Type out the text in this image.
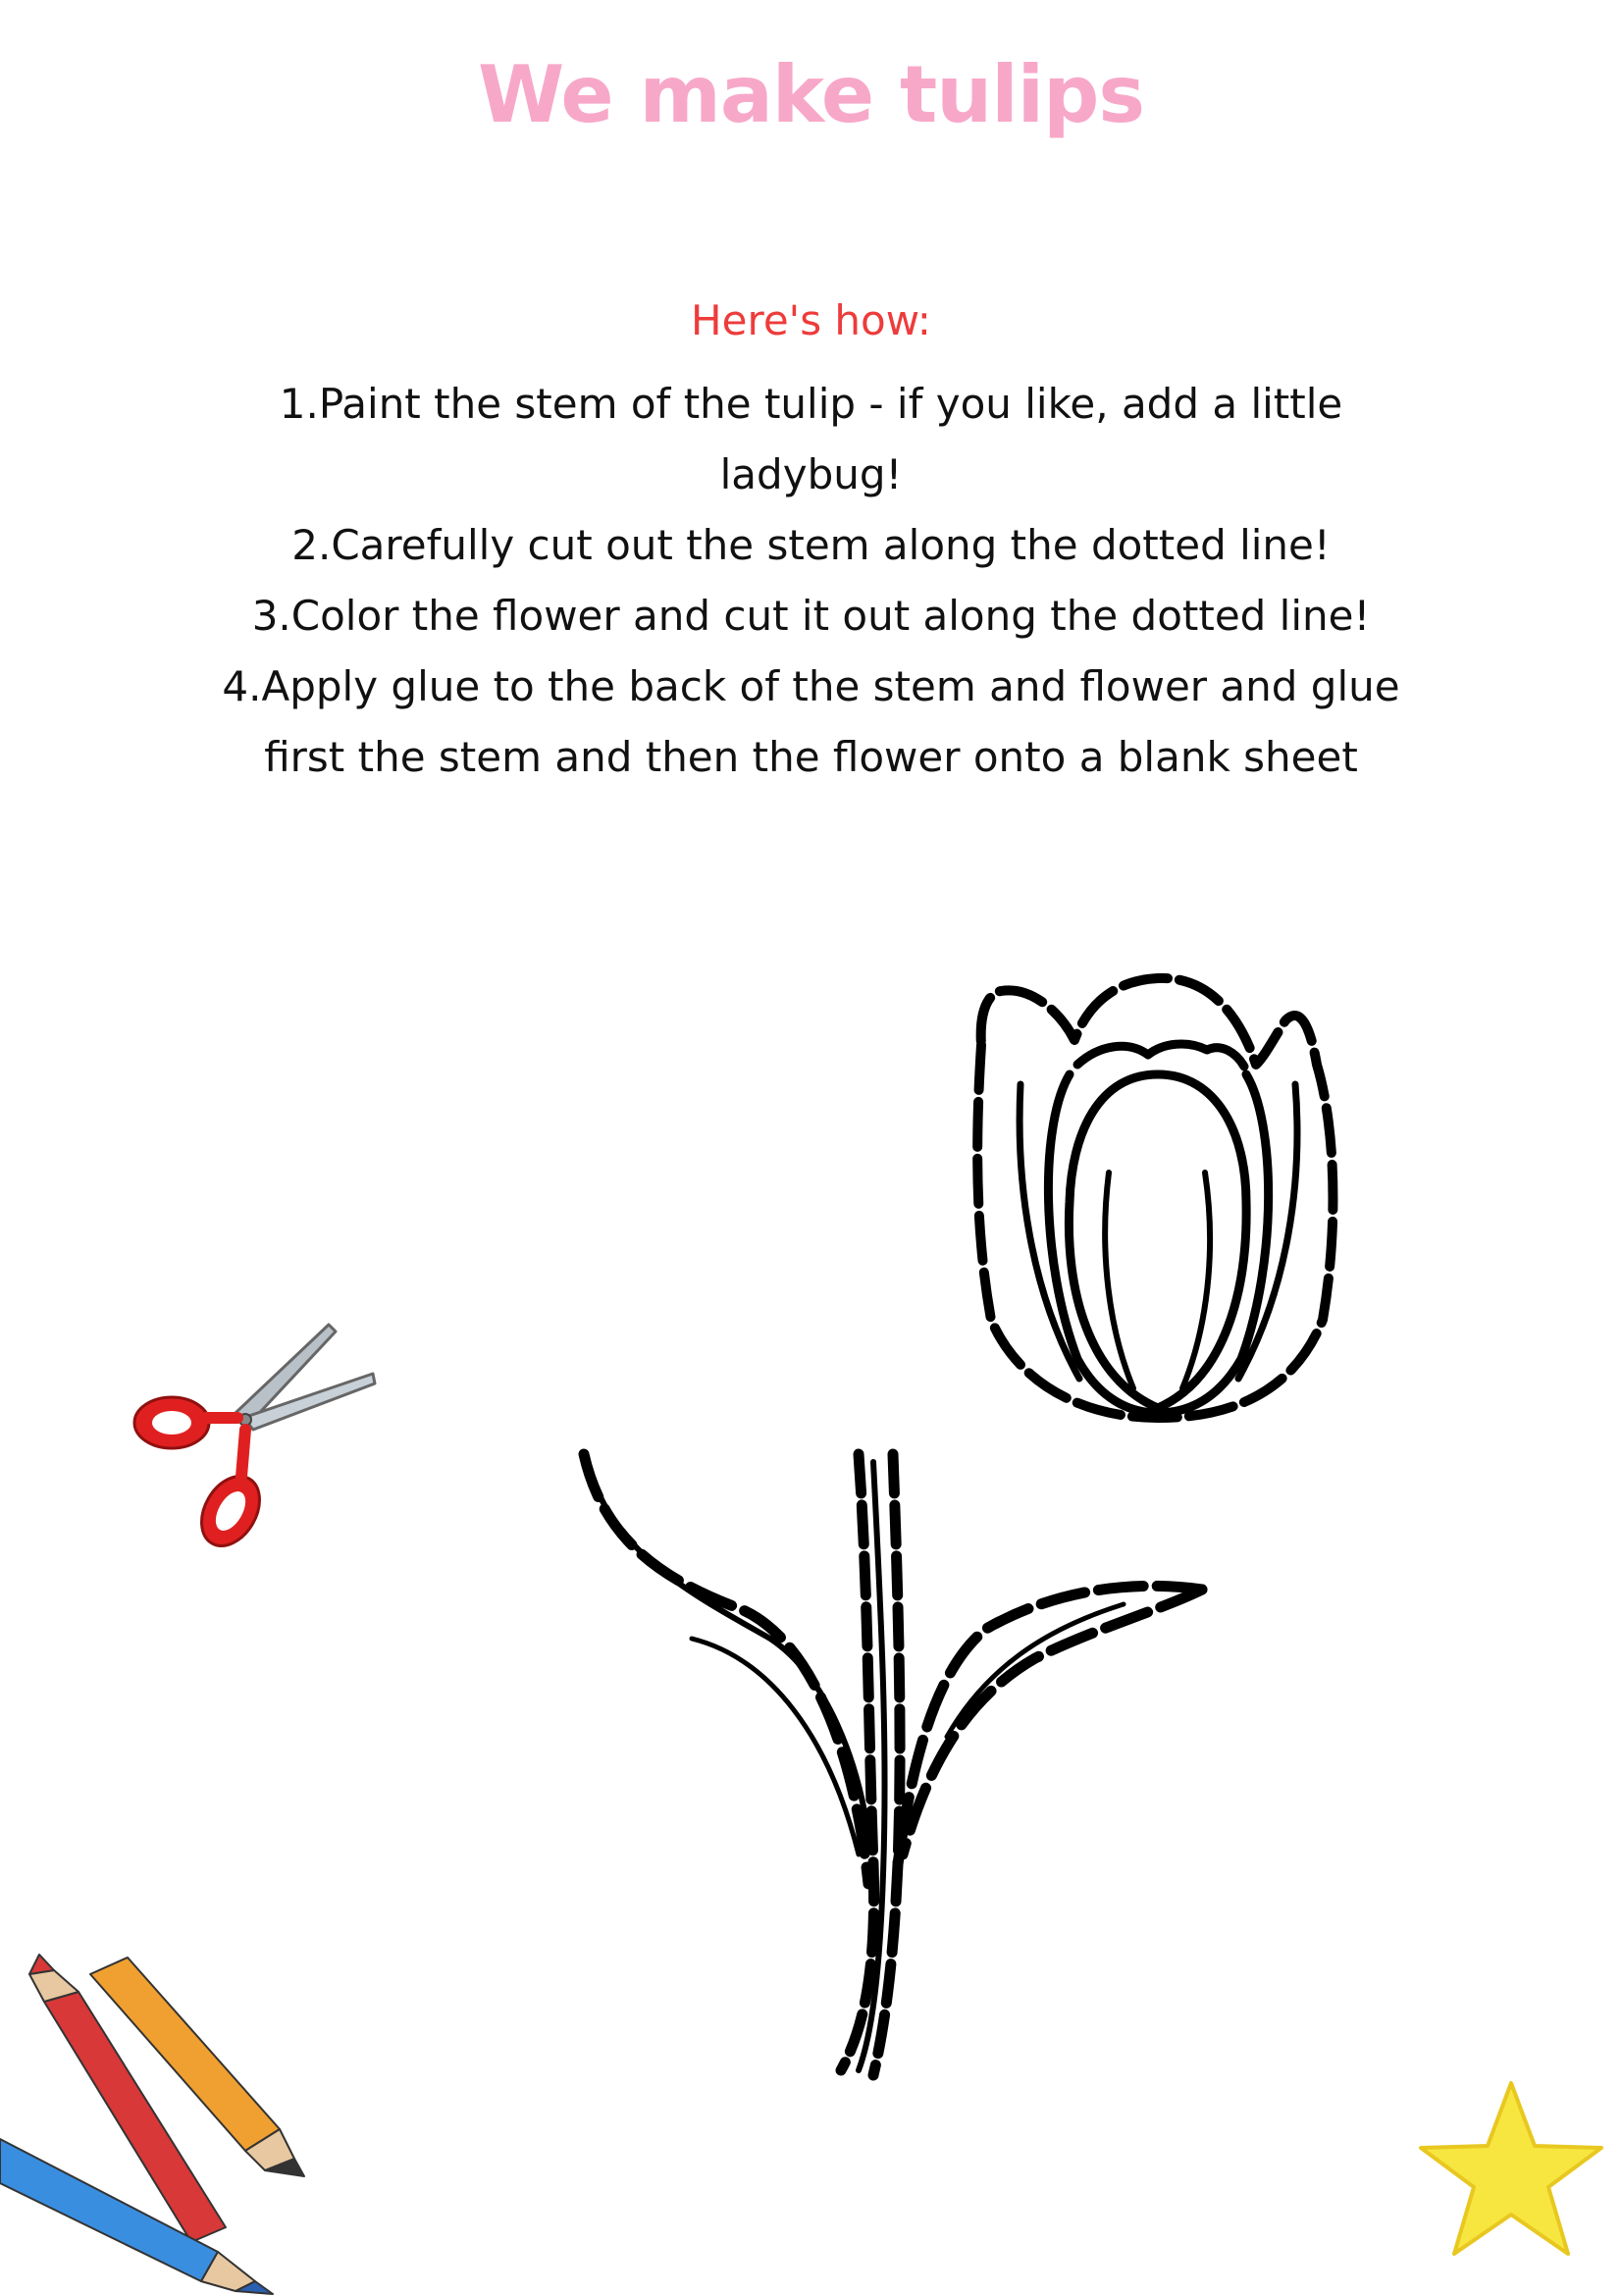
We make tulips
Here's how:
1.Paint the stem of the tulip - if you like, add a little ladybug!
2.Carefully cut out the stem along the dotted line!
3.Color the flower and cut it out along the dotted line!
4.Apply glue to the back of the stem and flower and glue first the stem and then the flower onto a blank sheet
